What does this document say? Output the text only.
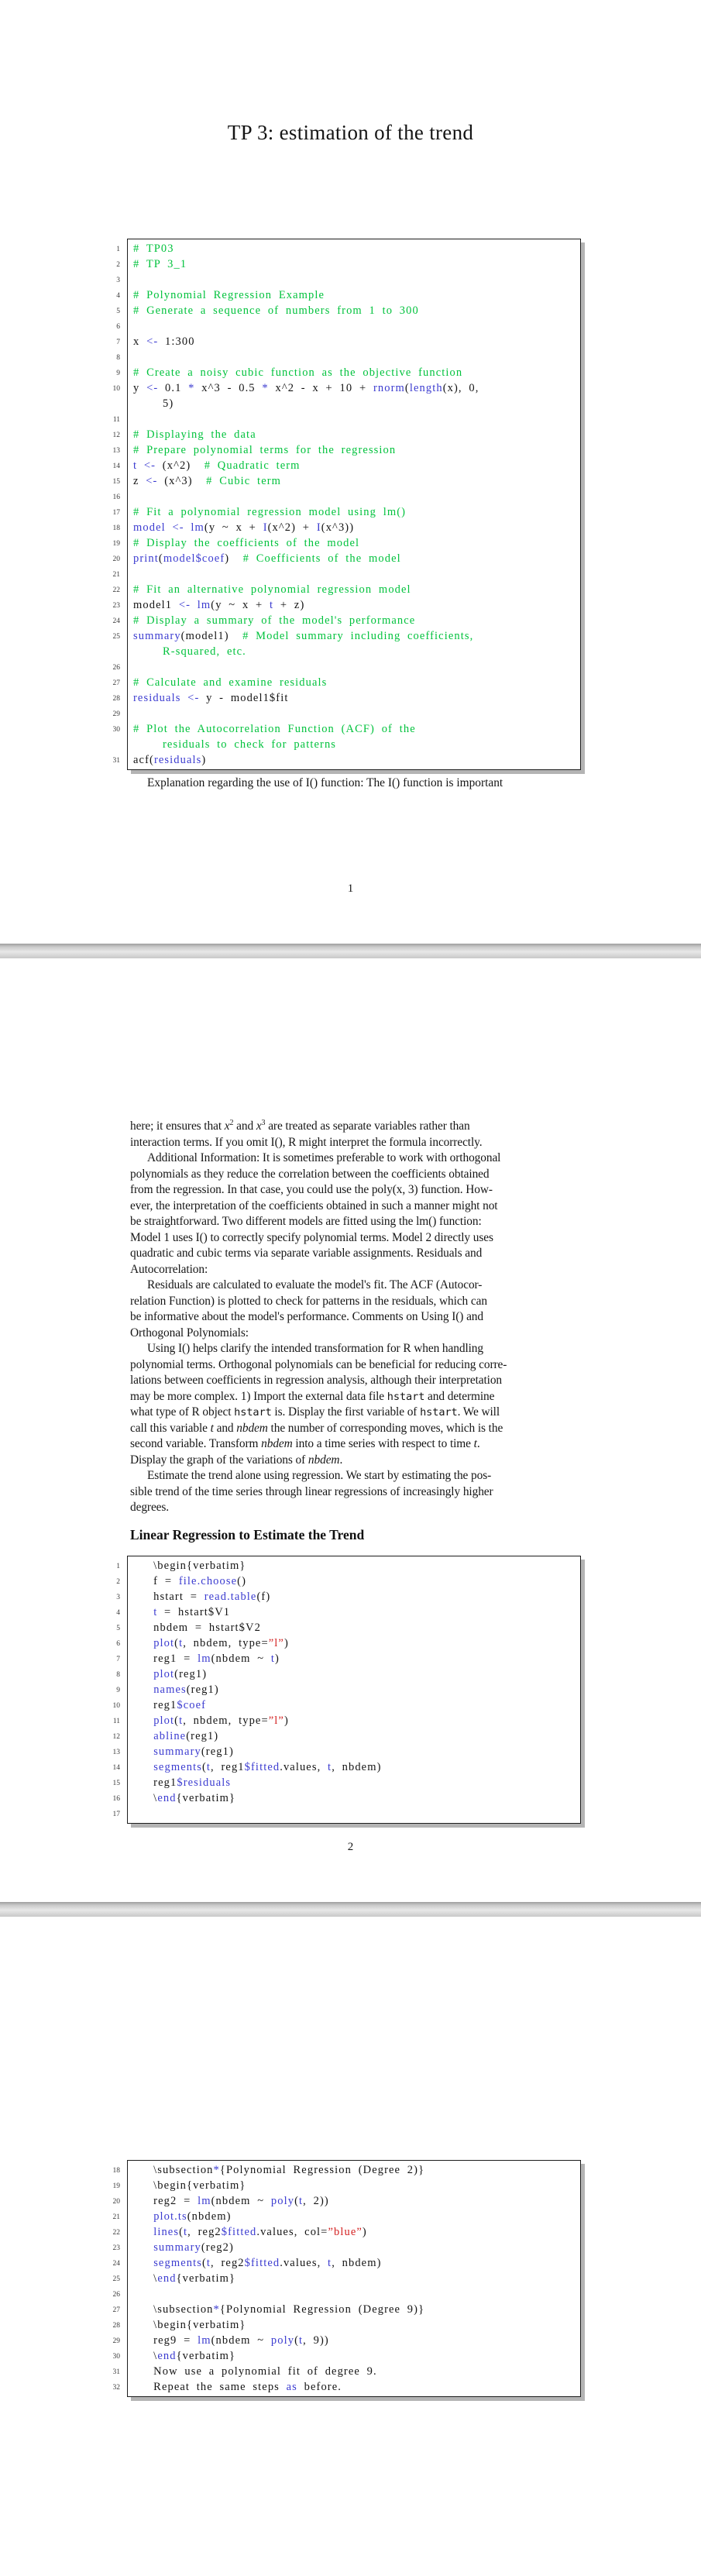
TP 3: estimation of the trend
1 # TP03
2 # TP 3_1
3

4 # Polynomial Regression Example
5 # Generate a sequence of numbers from 1 to 300
6

7 x <- 1:300
8

9 # Create a noisy cubic function as the objective function
10 y <- 0.1 * x^3 - 0.5 * x^2 - x + 10 + rnorm(length(x), 0,
5)
11

12 # Displaying the data
13 # Prepare polynomial terms for the regression
14 t <- (x^2)  # Quadratic term
15 z <- (x^3)  # Cubic term
16

17 # Fit a polynomial regression model using lm()
18 model <- lm(y ~ x + I(x^2) + I(x^3))
19 # Display the coefficients of the model
20 print(model$coef)  # Coefficients of the model
21

22 # Fit an alternative polynomial regression model
23 model1 <- lm(y ~ x + t + z)
24 # Display a summary of the model's performance
25 summary(model1)  # Model summary including coefficients,
R-squared, etc.
26

27 # Calculate and examine residuals
28 residuals <- y - model1$fit
29

30 # Plot the Autocorrelation Function (ACF) of the
residuals to check for patterns
31 acf(residuals)
Explanation regarding the use of I() function: The I() function is important
1
here; it ensures that $x^2$ and $x^3$ are treated as separate variables rather than
interaction terms. If you omit I(), R might interpret the formula incorrectly.
Additional Information: It is sometimes preferable to work with orthogonal
polynomials as they reduce the correlation between the coefficients obtained
from the regression. In that case, you could use the poly(x, 3) function. How-
ever, the interpretation of the coefficients obtained in such a manner might not
be straightforward. Two different models are fitted using the lm() function:
Model 1 uses I() to correctly specify polynomial terms. Model 2 directly uses
quadratic and cubic terms via separate variable assignments. Residuals and
Autocorrelation:
Residuals are calculated to evaluate the model's fit. The ACF (Autocor-
relation Function) is plotted to check for patterns in the residuals, which can
be informative about the model's performance. Comments on Using I() and
Orthogonal Polynomials:
Using I() helps clarify the intended transformation for R when handling
polynomial terms. Orthogonal polynomials can be beneficial for reducing corre-
lations between coefficients in regression analysis, although their interpretation
may be more complex. 1) Import the external data file hstart and determine
what type of R object hstart is. Display the first variable of hstart. We will
call this variable t and nbdem the number of corresponding moves, which is the
second variable. Transform nbdem into a time series with respect to time t.
Display the graph of the variations of nbdem.
Estimate the trend alone using regression. We start by estimating the pos-
sible trend of the time series through linear regressions of increasingly higher
degrees.
Linear Regression to Estimate the Trend
1 \begin{verbatim}
2 f = file.choose()
3 hstart = read.table(f)
4	t = hstart$V1
5 nbdem = hstart$V2
6	plot(t, nbdem, type=”l”)
7 reg1 = lm(nbdem ~ t)
8	plot(reg1)
9	names(reg1)
10 reg1$coef
11	plot(t, nbdem, type=”l”)
12	abline(reg1)
13	summary(reg1)
14	segments(t, reg1$fitted.values, t, nbdem)
15 reg1$residuals
16 \end{verbatim}
17

2
18 \subsection*{Polynomial Regression (Degree 2)}
19 \begin{verbatim}
20 reg2 = lm(nbdem ~ poly(t, 2))
21	plot.ts(nbdem)
22	lines(t, reg2$fitted.values, col=”blue”)
23	summary(reg2)
24	segments(t, reg2$fitted.values, t, nbdem)
25 \end{verbatim}
26

27 \subsection*{Polynomial Regression (Degree 9)}
28 \begin{verbatim}
29 reg9 = lm(nbdem ~ poly(t, 9))
30 \end{verbatim}
31 Now use a polynomial fit of degree 9.
32 Repeat the same steps as before.
